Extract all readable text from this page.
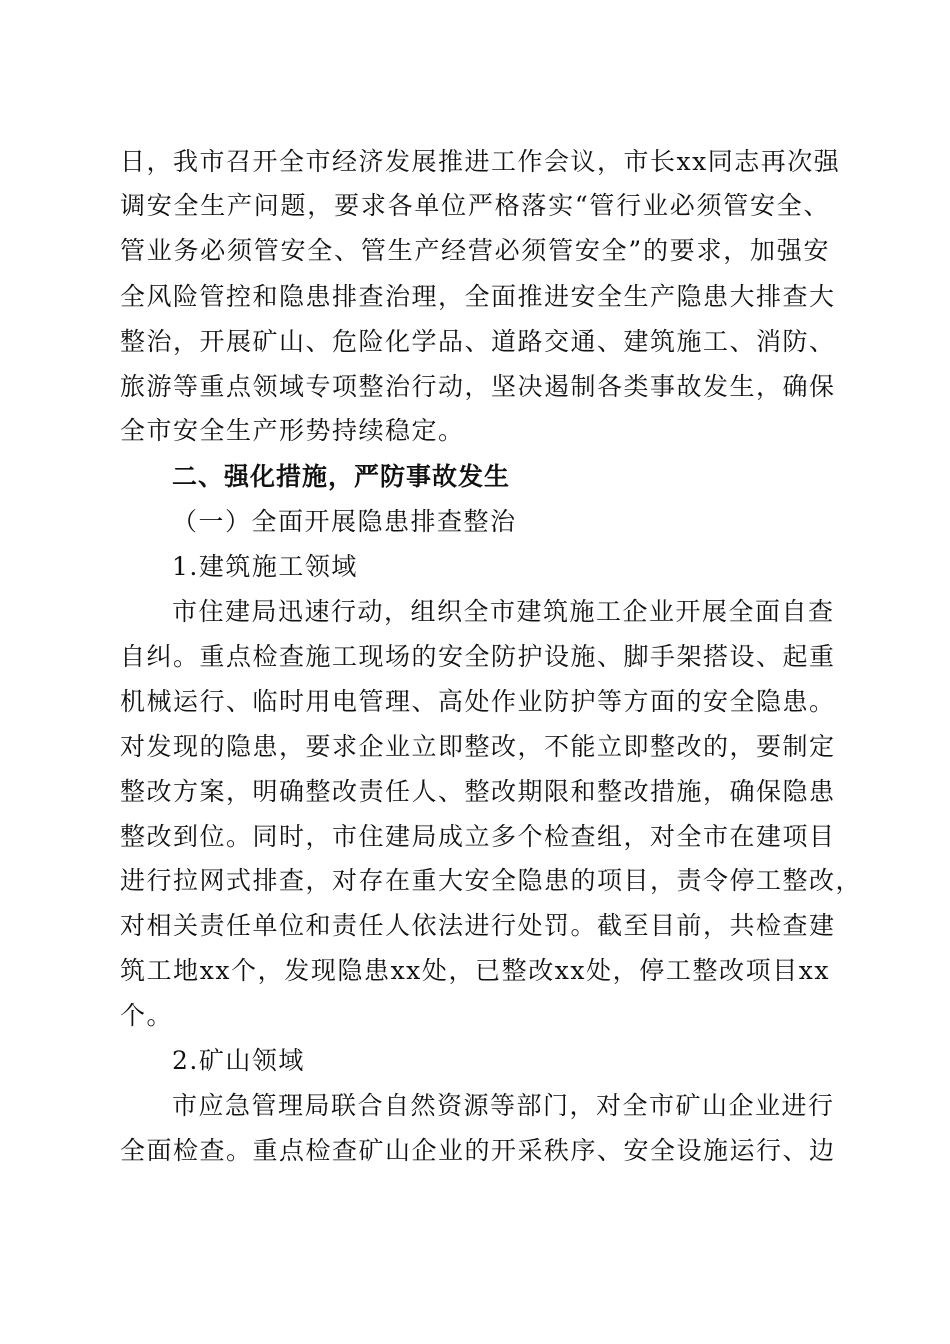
日，我市召开全市经济发展推进工作会议，市长xx同志再次强
调安全生产问题，要求各单位严格落实“管行业必须管安全、
管业务必须管安全、管生产经营必须管安全”的要求，加强安
全风险管控和隐患排查治理，全面推进安全生产隐患大排查大
整治，开展矿山、危险化学品、道路交通、建筑施工、消防、
旅游等重点领域专项整治行动，坚决遏制各类事故发生，确保
全市安全生产形势持续稳定。
二、强化措施，严防事故发生
（一）全面开展隐患排查整治
1.建筑施工领域
市住建局迅速行动，组织全市建筑施工企业开展全面自查
自纠。重点检查施工现场的安全防护设施、脚手架搭设、起重
机械运行、临时用电管理、高处作业防护等方面的安全隐患。
对发现的隐患，要求企业立即整改，不能立即整改的，要制定
整改方案，明确整改责任人、整改期限和整改措施，确保隐患
整改到位。同时，市住建局成立多个检查组，对全市在建项目
进行拉网式排查，对存在重大安全隐患的项目，责令停工整改，
对相关责任单位和责任人依法进行处罚。截至目前，共检查建
筑工地xx个，发现隐患xx处，已整改xx处，停工整改项目xx
个。
2.矿山领域
市应急管理局联合自然资源等部门，对全市矿山企业进行
全面检查。重点检查矿山企业的开采秩序、安全设施运行、边
